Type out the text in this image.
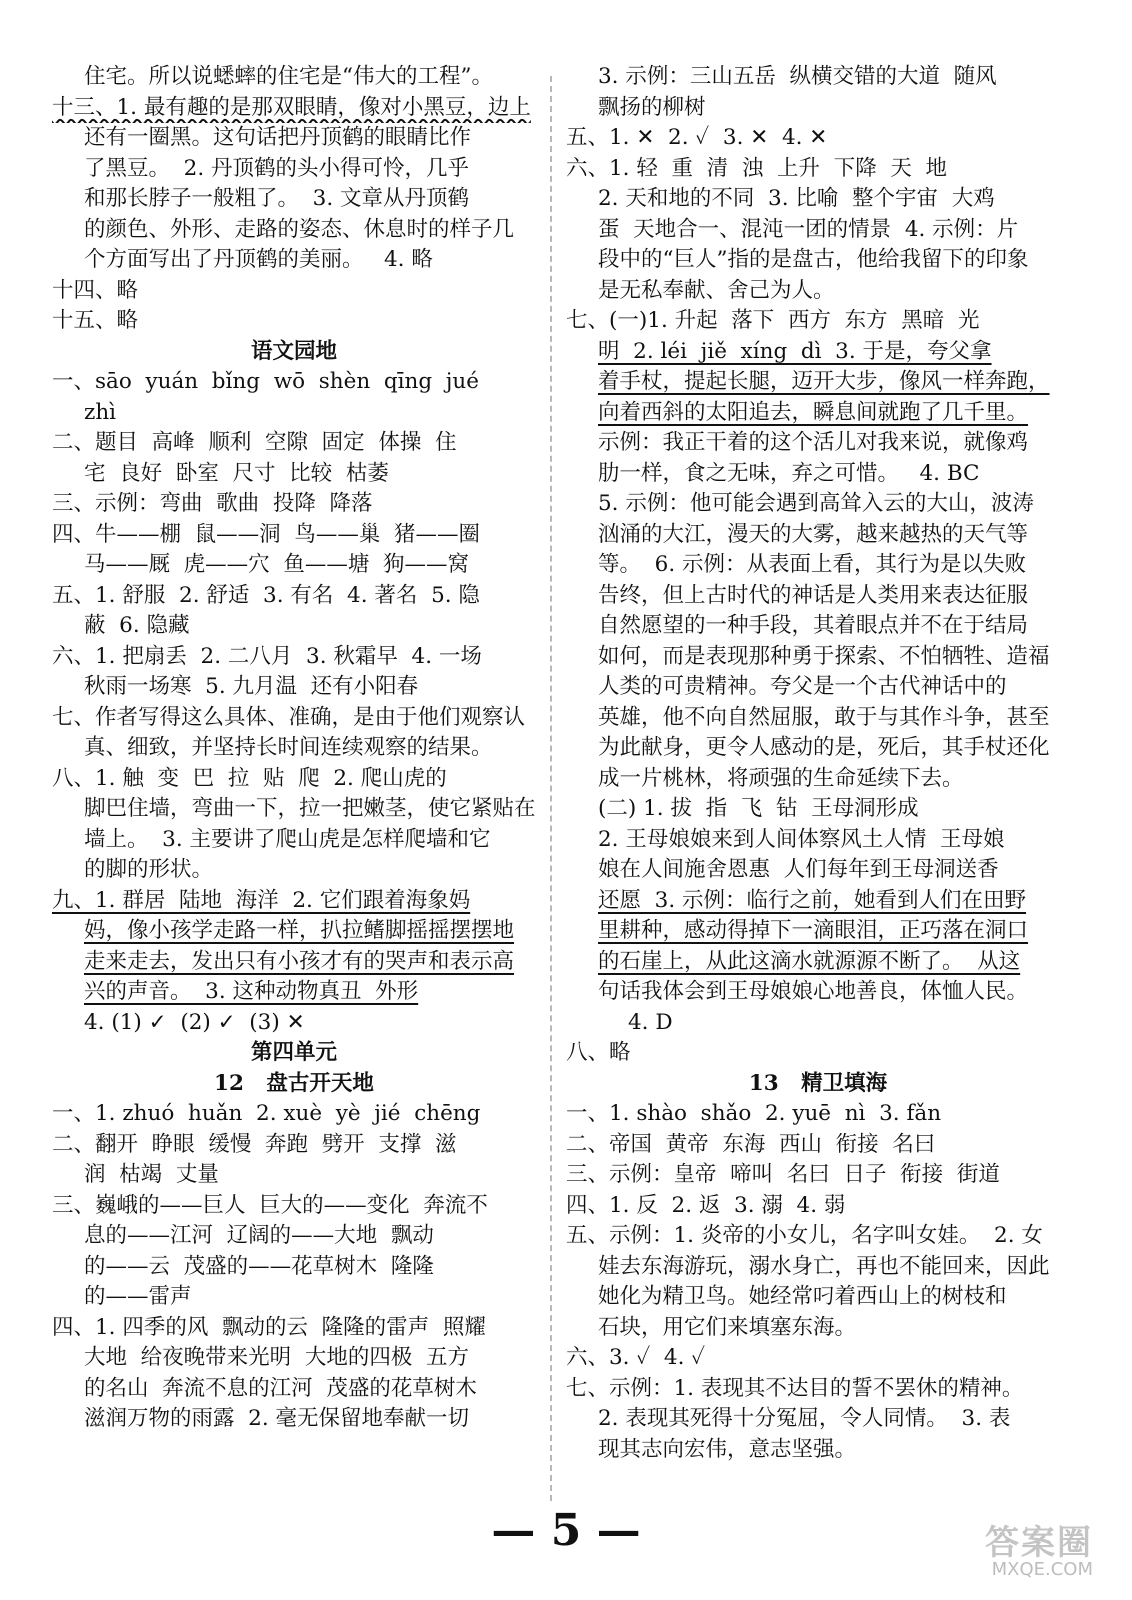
住宅。所以说蟋蟀的住宅是“伟大的工程”。
十三、1. 最有趣的是那双眼睛，像对小黑豆，边上
还有一圈黑。这句话把丹顶鹤的眼睛比作
了黑豆。  2. 丹顶鹤的头小得可怜，几乎
和那长脖子一般粗了。  3. 文章从丹顶鹤
的颜色、外形、走路的姿态、休息时的样子几
个方面写出了丹顶鹤的美丽。   4. 略
十四、略
十五、略
语文园地
一、sāo  yuán  bǐng  wō  shèn  qīng  jué
zhì
二、题目  高峰  顺利  空隙  固定  体操  住
宅  良好  卧室  尺寸  比较  枯萎
三、示例：弯曲  歌曲  投降  降落
四、牛——棚  鼠——洞  鸟——巢  猪——圈
马——厩  虎——穴  鱼——塘  狗——窝
五、1. 舒服  2. 舒适  3. 有名  4. 著名  5. 隐
蔽  6. 隐藏
六、1. 把扇丢  2. 二八月  3. 秋霜早  4. 一场
秋雨一场寒  5. 九月温  还有小阳春
七、作者写得这么具体、准确，是由于他们观察认
真、细致，并坚持长时间连续观察的结果。
八、1. 触  变  巴  拉  贴  爬  2. 爬山虎的
脚巴住墙，弯曲一下，拉一把嫩茎，使它紧贴在
墙上。  3. 主要讲了爬山虎是怎样爬墙和它
的脚的形状。
九、1. 群居  陆地  海洋  2. 它们跟着海象妈
妈，像小孩学走路一样，扒拉鳍脚摇摇摆摆地
走来走去，发出只有小孩才有的哭声和表示高
兴的声音。  3. 这种动物真丑  外形
4. (1) ✓  (2) ✓  (3) ✕
第四单元
12   盘古开天地
一、1. zhuó  huǎn  2. xuè  yè  jié  chēng
二、翻开  睁眼  缓慢  奔跑  劈开  支撑  滋
润  枯竭  丈量
三、巍峨的——巨人  巨大的——变化  奔流不
息的——江河  辽阔的——大地  飘动
的——云  茂盛的——花草树木  隆隆
的——雷声
四、1. 四季的风  飘动的云  隆隆的雷声  照耀
大地  给夜晚带来光明  大地的四极  五方
的名山  奔流不息的江河  茂盛的花草树木
滋润万物的雨露  2. 毫无保留地奉献一切
3. 示例：三山五岳  纵横交错的大道  随风
飘扬的柳树
五、1. ✕  2. ✓  3. ✕  4. ✕
六、1. 轻  重  清  浊  上升  下降  天  地
2. 天和地的不同  3. 比喻  整个宇宙  大鸡
蛋  天地合一、混沌一团的情景  4. 示例：片
段中的“巨人”指的是盘古，他给我留下的印象
是无私奉献、舍己为人。
七、(一)1. 升起  落下  西方  东方  黑暗  光
明  2. léi  jiě  xíng  dì  3. 于是，夸父拿
着手杖，提起长腿，迈开大步，像风一样奔跑，
向着西斜的太阳追去，瞬息间就跑了几千里。
示例：我正干着的这个活儿对我来说，就像鸡
肋一样，食之无味，弃之可惜。   4. BC
5. 示例：他可能会遇到高耸入云的大山，波涛
汹涌的大江，漫天的大雾，越来越热的天气等
等。  6. 示例：从表面上看，其行为是以失败
告终，但上古时代的神话是人类用来表达征服
自然愿望的一种手段，其着眼点并不在于结局
如何，而是表现那种勇于探索、不怕牺牲、造福
人类的可贵精神。夸父是一个古代神话中的
英雄，他不向自然屈服，敢于与其作斗争，甚至
为此献身，更令人感动的是，死后，其手杖还化
成一片桃林，将顽强的生命延续下去。
(二) 1. 拔  指  飞  钻  王母洞形成
2. 王母娘娘来到人间体察风土人情  王母娘
娘在人间施舍恩惠  人们每年到王母洞送香
还愿  3. 示例：临行之前，她看到人们在田野
里耕种，感动得掉下一滴眼泪，正巧落在洞口
的石崖上，从此这滴水就源源不断了。  从这
句话我体会到王母娘娘心地善良，体恤人民。
4. D
八、略
13   精卫填海
一、1. shào  shǎo  2. yuē  nì  3. fǎn
二、帝国  黄帝  东海  西山  衔接  名曰
三、示例：皇帝  啼叫  名曰  日子  衔接  街道
四、1. 反  2. 返  3. 溺  4. 弱
五、示例：1. 炎帝的小女儿，名字叫女娃。  2. 女
娃去东海游玩，溺水身亡，再也不能回来，因此
她化为精卫鸟。她经常叼着西山上的树枝和
石块，用它们来填塞东海。
六、3. ✓  4. ✓
七、示例：1. 表现其不达目的誓不罢休的精神。
2. 表现其死得十分冤屈，令人同情。  3. 表
现其志向宏伟，意志坚强。
— 5 —	答案圈
MXQE.COM
